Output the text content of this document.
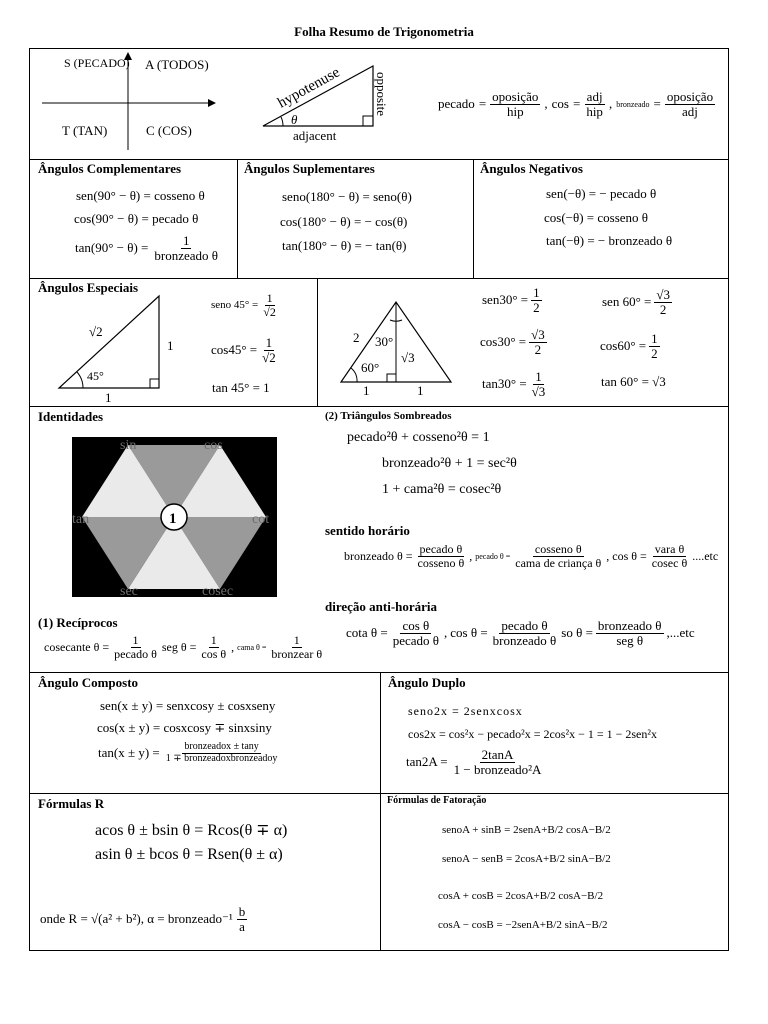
Folha Resumo de Trigonometria
S (PECADO) A (TODOS)
T (TAN)	C (COS)
hypotenuse opposite
θ
adjacent
pecado = $\frac{\text{oposição}}{\text{hip}}$ , $\cos = \frac{\text{adj}}{\text{hip}}$ , bronzeado = $\frac{\text{oposição}}{\text{adj}}$
Ângulos Complementares
sen(90° − θ) = cosseno θ
cos(90° − θ) = pecado θ
$\tan(90^\circ - \theta) = \frac{1}{\text{bronzeado θ}}$
Ângulos Suplementares
seno(180° − θ) = seno(θ)
cos(180° − θ) = − cos(θ)
tan(180° − θ) = − tan(θ)
Ângulos Negativos
sen(−θ) = − pecado θ
cos(−θ) = cosseno θ
tan(−θ) = − bronzeado θ
Ângulos Especiais
√2
1
1
45°
seno $45^\circ = \frac{1}{√2}$
$\cos 45^\circ = \frac{1}{√2}$
tan 45° = 1
2 30°
60°
√3
1	1
$sen30^\circ = \frac{1}{2}$
$\cos 30^\circ = \frac{√3}{2}$
$\tan 30^\circ = \frac{1}{√3}$
sen $60^\circ = \frac{√3}{2}$
$\cos 60^\circ = \frac{1}{2}$
tan 60° = √3
Identidades
sin	cos
tan	cot
sec	cosec
1
(2) Triângulos Sombreados
pecado²θ + cosseno²θ = 1
bronzeado²θ + 1 = sec²θ
1 + cama²θ = cosec²θ
sentido horário
bronzeado $\theta = \frac{\text{pecado θ}}{\text{cosseno θ}}$ , pecado $\theta = \frac{\text{cosseno θ}}{\text{cama de criança θ}}$ , $\cos \theta = \frac{\text{vara θ}}{\text{cosec θ}} ....etc$
direção anti-horária
cota $\theta = \frac{\text{cos θ}}{\text{pecado θ}}$ , $\cos \theta = \frac{\text{pecado θ}}{\text{bronzeado θ}}$ so $\theta = \frac{\text{bronzeado θ}}{\text{seg θ}} ,...etc$
(1) Recíprocos
cosecante $\theta = \frac{1}{\text{pecado θ}}$ seg $\theta = \frac{1}{\text{cos θ}}$ , cama $\theta = \frac{1}{\text{bronzear θ}}$
Ângulo Composto
sen(x ± y) = senxcosy ± cosxseny
cos(x ± y) = cosxcosy ∓ sinxsiny
$\tan(x \pm y) = \frac{\text{bronzeadox ± tany}}{\text{1 ∓ bronzeadoxbronzeadoy}}$
Ângulo Duplo
seno2x = 2senxcosx
cos2x = cos²x − pecado²x = 2cos²x − 1 = 1 − 2sen²x
$\tan 2A = \frac{2\tan A}{\text{1 − bronzeado²A}}$
Fórmulas R
acos θ ± bsin θ = Rcos(θ ∓ α)
asin θ ± bcos θ = Rsen(θ ± α)
onde R = √(a² + b²), α = bronzeado⁻¹ $\frac{b}{a}$
Fórmulas de Fatoração
senoA + sinB = 2senA+B/2 cosA−B/2
senoA − senB = 2cosA+B/2 sinA−B/2
cosA + cosB = 2cosA+B/2 cosA−B/2
cosA − cosB = −2senA+B/2 sinA−B/2
